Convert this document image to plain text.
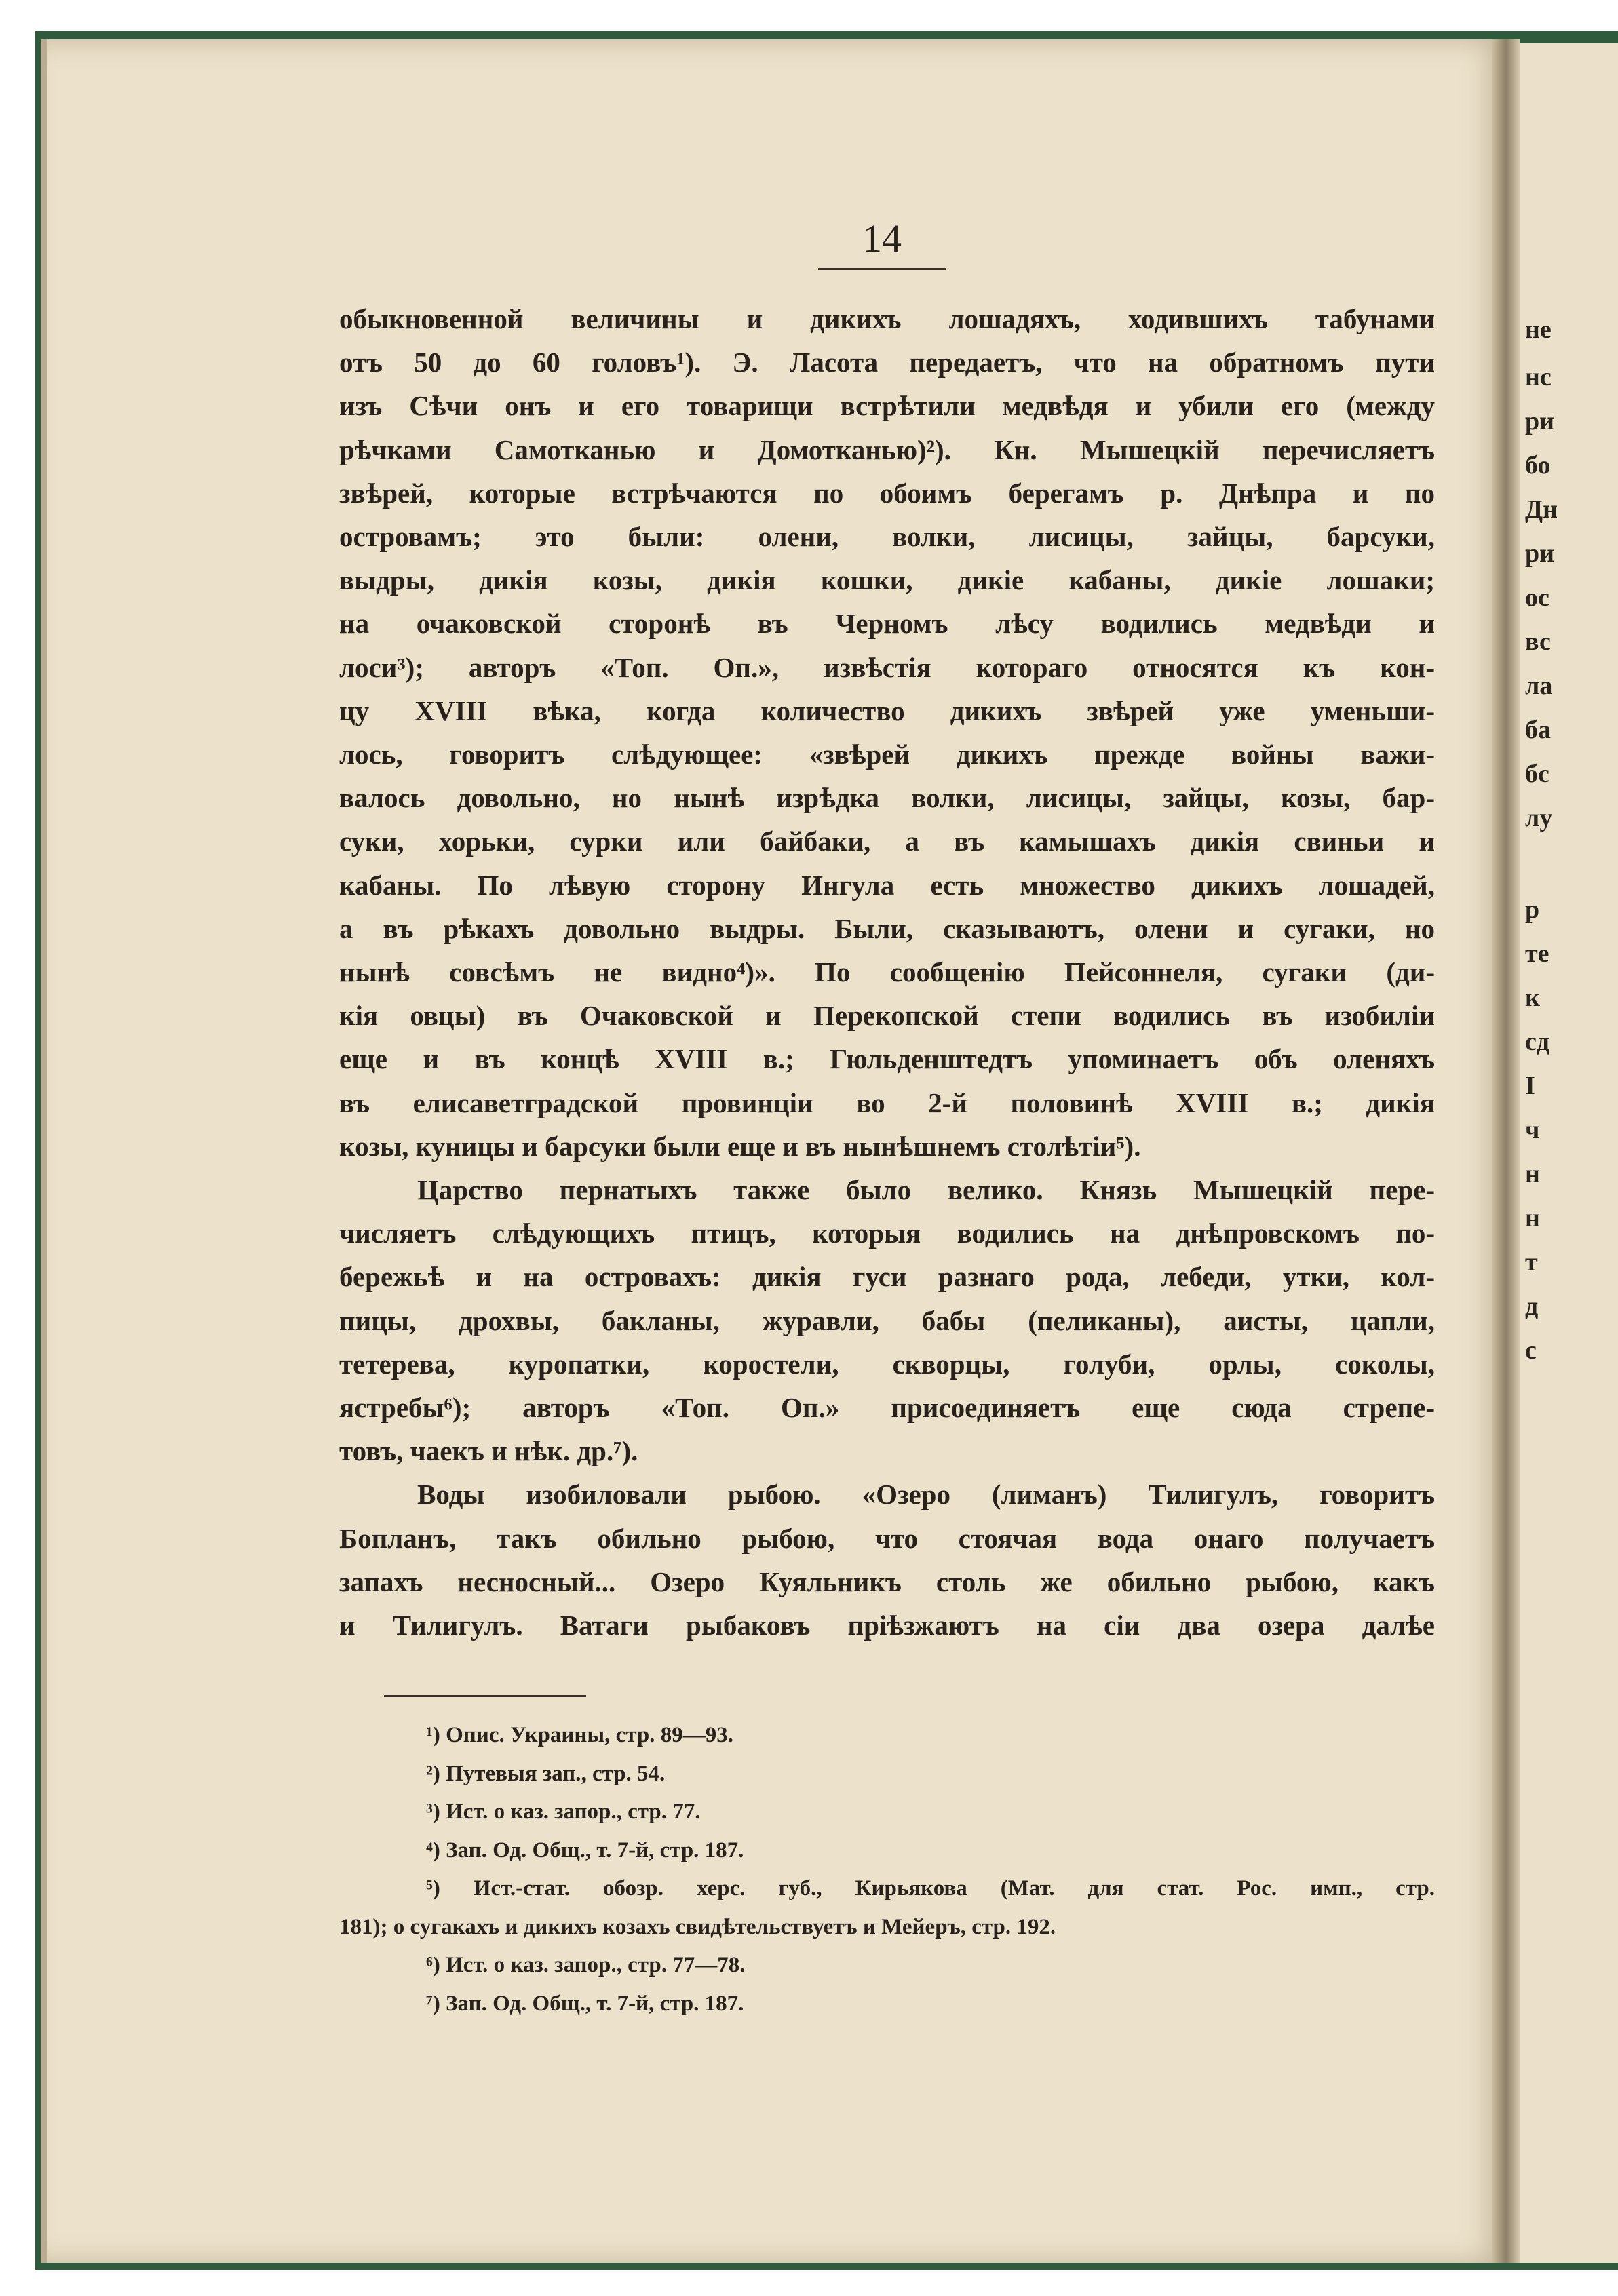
не
нс
ри
бо
Дн
ри
ос
вс
ла
ба
бс
лу
р
те
к
сд
I
ч
н
н
т
д
с
14
обыкновенной величины и дикихъ лошадяхъ, ходившихъ табунами
отъ 50 до 60 головъ¹). Э. Ласота передаетъ, что на обратномъ пути
изъ Сѣчи онъ и его товарищи встрѣтили медвѣдя и убили его (между
рѣчками Самотканью и Домотканью)²). Кн. Мышецкій перечисляетъ
звѣрей, которые встрѣчаются по обоимъ берегамъ р. Днѣпра и по
островамъ; это были: олени, волки, лисицы, зайцы, барсуки,
выдры, дикія козы, дикія кошки, дикіе кабаны, дикіе лошаки;
на очаковской сторонѣ въ Черномъ лѣсу водились медвѣди и
лоси³); авторъ «Топ. Оп.», извѣстія котораго относятся къ кон-
цу XVIII вѣка, когда количество дикихъ звѣрей уже уменьши-
лось, говоритъ слѣдующее: «звѣрей дикихъ прежде войны важи-
валось довольно, но нынѣ изрѣдка волки, лисицы, зайцы, козы, бар-
суки, хорьки, сурки или байбаки, а въ камышахъ дикія свиньи и
кабаны. По лѣвую сторону Ингула есть множество дикихъ лошадей,
а въ рѣкахъ довольно выдры. Были, сказываютъ, олени и сугаки, но
нынѣ совсѣмъ не видно⁴)». По сообщенію Пейсоннеля, сугаки (ди-
кія овцы) въ Очаковской и Перекопской степи водились въ изобиліи
еще и въ концѣ XVIII в.; Гюльденштедтъ упоминаетъ объ оленяхъ
въ елисаветградской провинціи во 2-й половинѣ XVIII в.; дикія
козы, куницы и барсуки были еще и въ нынѣшнемъ столѣтіи⁵).
Царство пернатыхъ также было велико. Князь Мышецкій пере-
числяетъ слѣдующихъ птицъ, которыя водились на днѣпровскомъ по-
бережьѣ и на островахъ: дикія гуси разнаго рода, лебеди, утки, кол-
пицы, дрохвы, бакланы, журавли, бабы (пеликаны), аисты, цапли,
тетерева, куропатки, коростели, скворцы, голуби, орлы, соколы,
ястребы⁶); авторъ «Топ. Оп.» присоединяетъ еще сюда стрепе-
товъ, чаекъ и нѣк. др.⁷).
Воды изобиловали рыбою. «Озеро (лиманъ) Тилигулъ, говоритъ
Бопланъ, такъ обильно рыбою, что стоячая вода онаго получаетъ
запахъ несносный... Озеро Куяльникъ столь же обильно рыбою, какъ
и Тилигулъ. Ватаги рыбаковъ пріѣзжаютъ на сіи два озера далѣе
¹) Опис. Украины, стр. 89—93.
²) Путевыя зап., стр. 54.
³) Ист. о каз. запор., стр. 77.
⁴) Зап. Од. Общ., т. 7-й, стр. 187.
⁵) Ист.-стат. обозр. херс. губ., Кирьякова (Мат. для стат. Рос. имп., стр.
181); о сугакахъ и дикихъ козахъ свидѣтельствуетъ и Мейеръ, стр. 192.
⁶) Ист. о каз. запор., стр. 77—78.
⁷) Зап. Од. Общ., т. 7-й, стр. 187.
